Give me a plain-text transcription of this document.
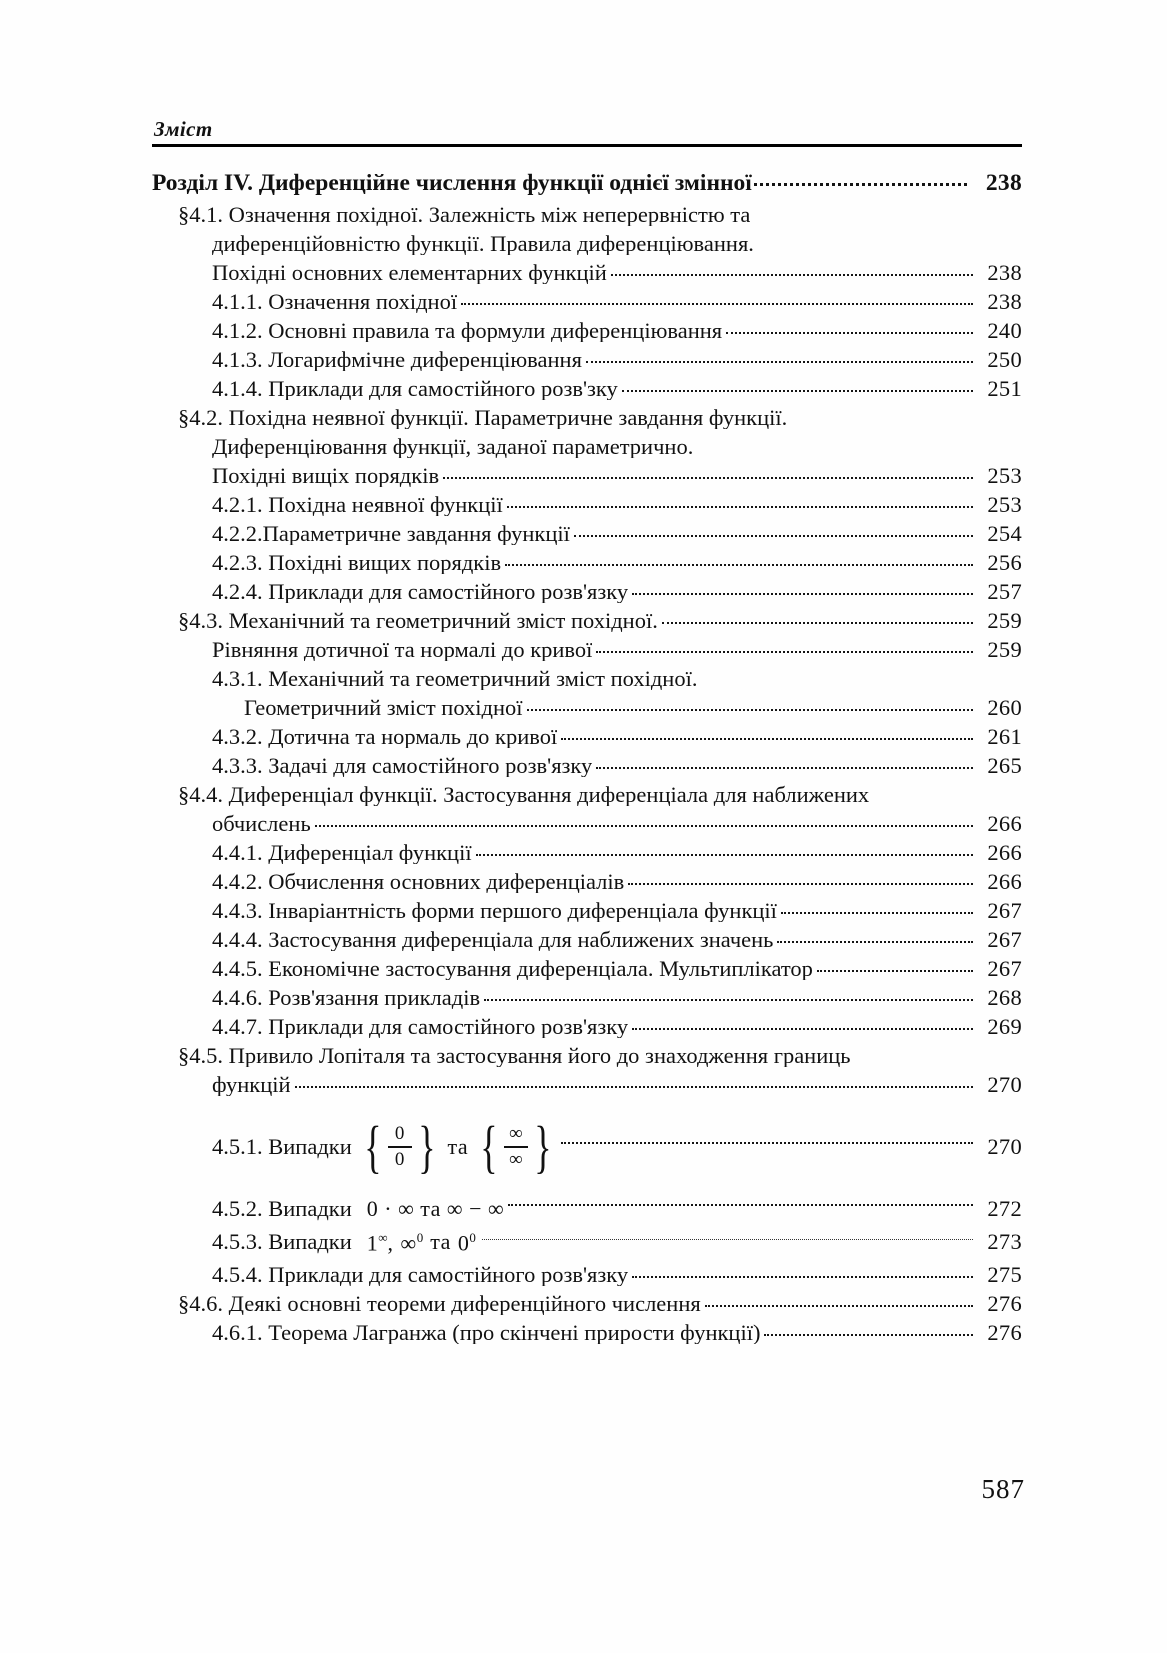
Зміст
Розділ IV. Диференційне числення функції однієї змінної	238
§4.1. Означення похідної. Залежність між неперервністю та
диференційовністю функції. Правила диференціювання.
Похідні основних елементарних функцій	238
4.1.1. Означення похідної	238
4.1.2. Основні правила та формули диференціювання	240
4.1.3. Логарифмічне диференціювання	250
4.1.4. Приклади для самостійного розв'зку	251
§4.2. Похідна неявної функції. Параметричне завдання функції.
Диференціювання функції, заданої параметрично.
Похідні вищіх порядків	253
4.2.1. Похідна неявної функції	253
4.2.2.Параметричне завдання функції	254
4.2.3. Похідні вищих порядків	256
4.2.4. Приклади для самостійного розв'язку	257
§4.3. Механічний та геометричний зміст похідної.	259
Рівняння дотичної та нормалі до кривої	259
4.3.1. Механічний та геометричний зміст похідної.
Геометричний зміст похідної	260
4.3.2. Дотична та нормаль до кривої	261
4.3.3. Задачі для самостійного розв'язку	265
§4.4. Диференціал функції. Застосування диференціала для наближених
обчислень	266
4.4.1. Диференціал функції	266
4.4.2. Обчислення основних диференціалів	266
4.4.3. Інваріантність форми першого диференціала функції	267
4.4.4. Застосування диференціала для наближених значень	267
4.4.5. Економічне застосування диференціала. Мультиплікатор	267
4.4.6. Розв'язання прикладів	268
4.4.7. Приклади для самостійного розв'язку	269
§4.5. Привило Лопіталя та застосування його до знаходження границь
функцій	270
4.5.1. Випадки { $\frac{0}{0}$ } та { $\frac{\infty}{\infty}$ }	270
4.5.2. Випадки 0 · ∞ та ∞ − ∞	272
4.5.3. Випадки 1∞, ∞$^0$ та $0^0$	273
4.5.4. Приклади для самостійного розв'язку	275
§4.6. Деякі основні теореми диференційного числення	276
4.6.1. Теорема Лагранжа (про скінчені прирости функції)	276
587
